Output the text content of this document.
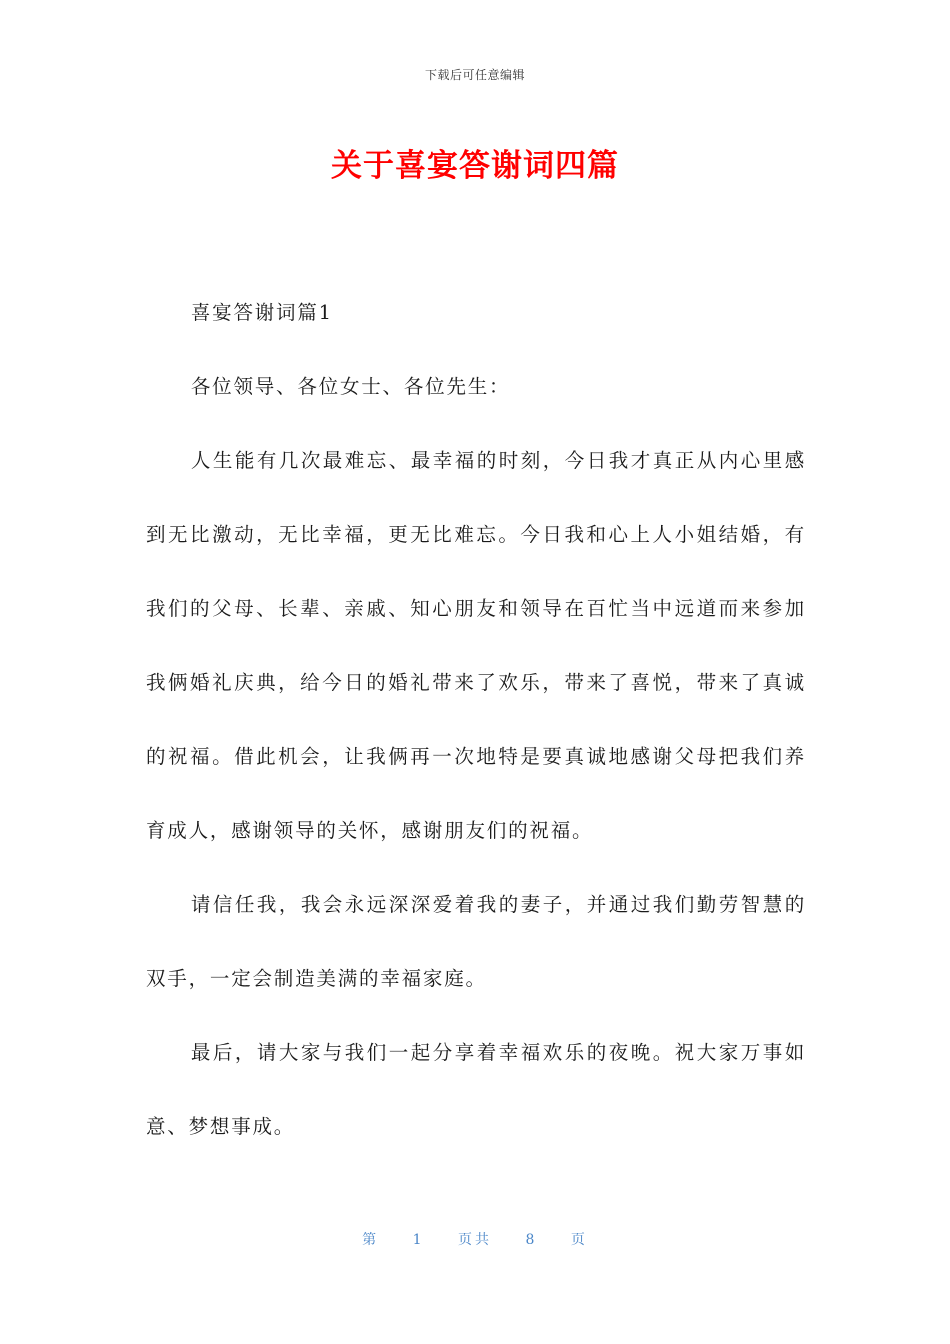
下载后可任意编辑
关于喜宴答谢词四篇

喜宴答谢词篇1

各位领导、各位女士、各位先生：

人生能有几次最难忘、最幸福的时刻，今日我才真正从内心里感到无比激动，无比幸福，更无比难忘。今日我和心上人小姐结婚，有我们的父母、长辈、亲戚、知心朋友和领导在百忙当中远道而来参加我俩婚礼庆典，给今日的婚礼带来了欢乐，带来了喜悦，带来了真诚的祝福。借此机会，让我俩再一次地特是要真诚地感谢父母把我们养育成人，感谢领导的关怀，感谢朋友们的祝福。

请信任我，我会永远深深爱着我的妻子，并通过我们勤劳智慧的双手，一定会制造美满的幸福家庭。

最后，请大家与我们一起分享着幸福欢乐的夜晚。祝大家万事如意、梦想事成。

第 1 页共 8 页
